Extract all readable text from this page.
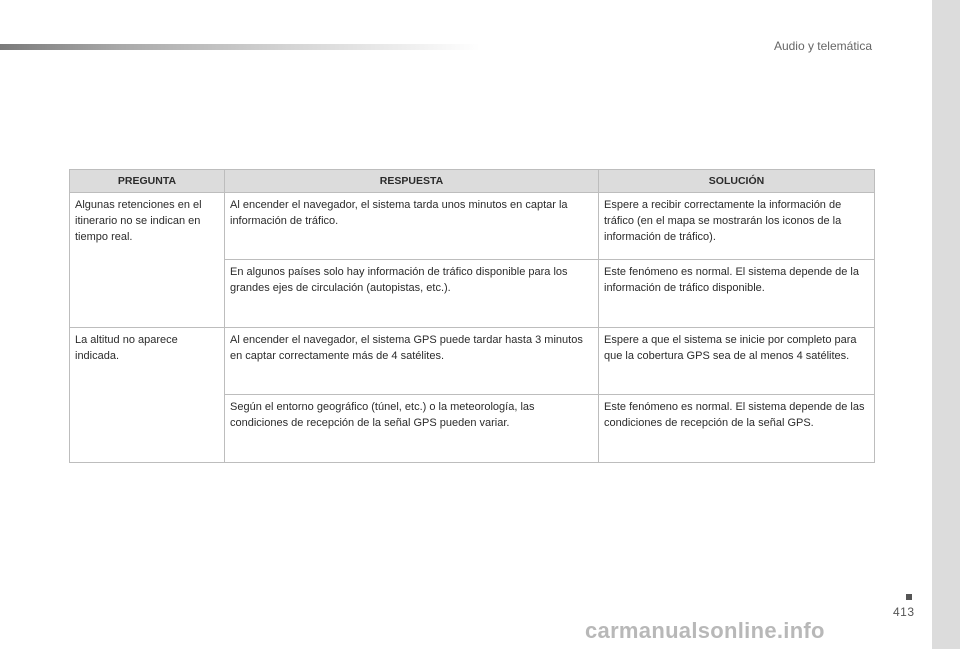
Audio y telemática
PREGUNTA	RESPUESTA	SOLUCIÓN
Algunas retenciones en el itinerario no se indican en tiempo real.	Al encender el navegador, el sistema tarda unos minutos en captar la información de tráfico.	Espere a recibir correctamente la información de tráfico (en el mapa se mostrarán los iconos de la información de tráfico).
	En algunos países solo hay información de tráfico disponible para los grandes ejes de circulación (autopistas, etc.).	Este fenómeno es normal. El sistema depende de la información de tráfico disponible.
La altitud no aparece indicada.	Al encender el navegador, el sistema GPS puede tardar hasta 3 minutos en captar correctamente más de 4 satélites.	Espere a que el sistema se inicie por completo para que la cobertura GPS sea de al menos 4 satélites.
	Según el entorno geográfico (túnel, etc.) o la meteorología, las condiciones de recepción de la señal GPS pueden variar.	Este fenómeno es normal. El sistema depende de las condiciones de recepción de la señal GPS.
413
carmanualsonline.info
